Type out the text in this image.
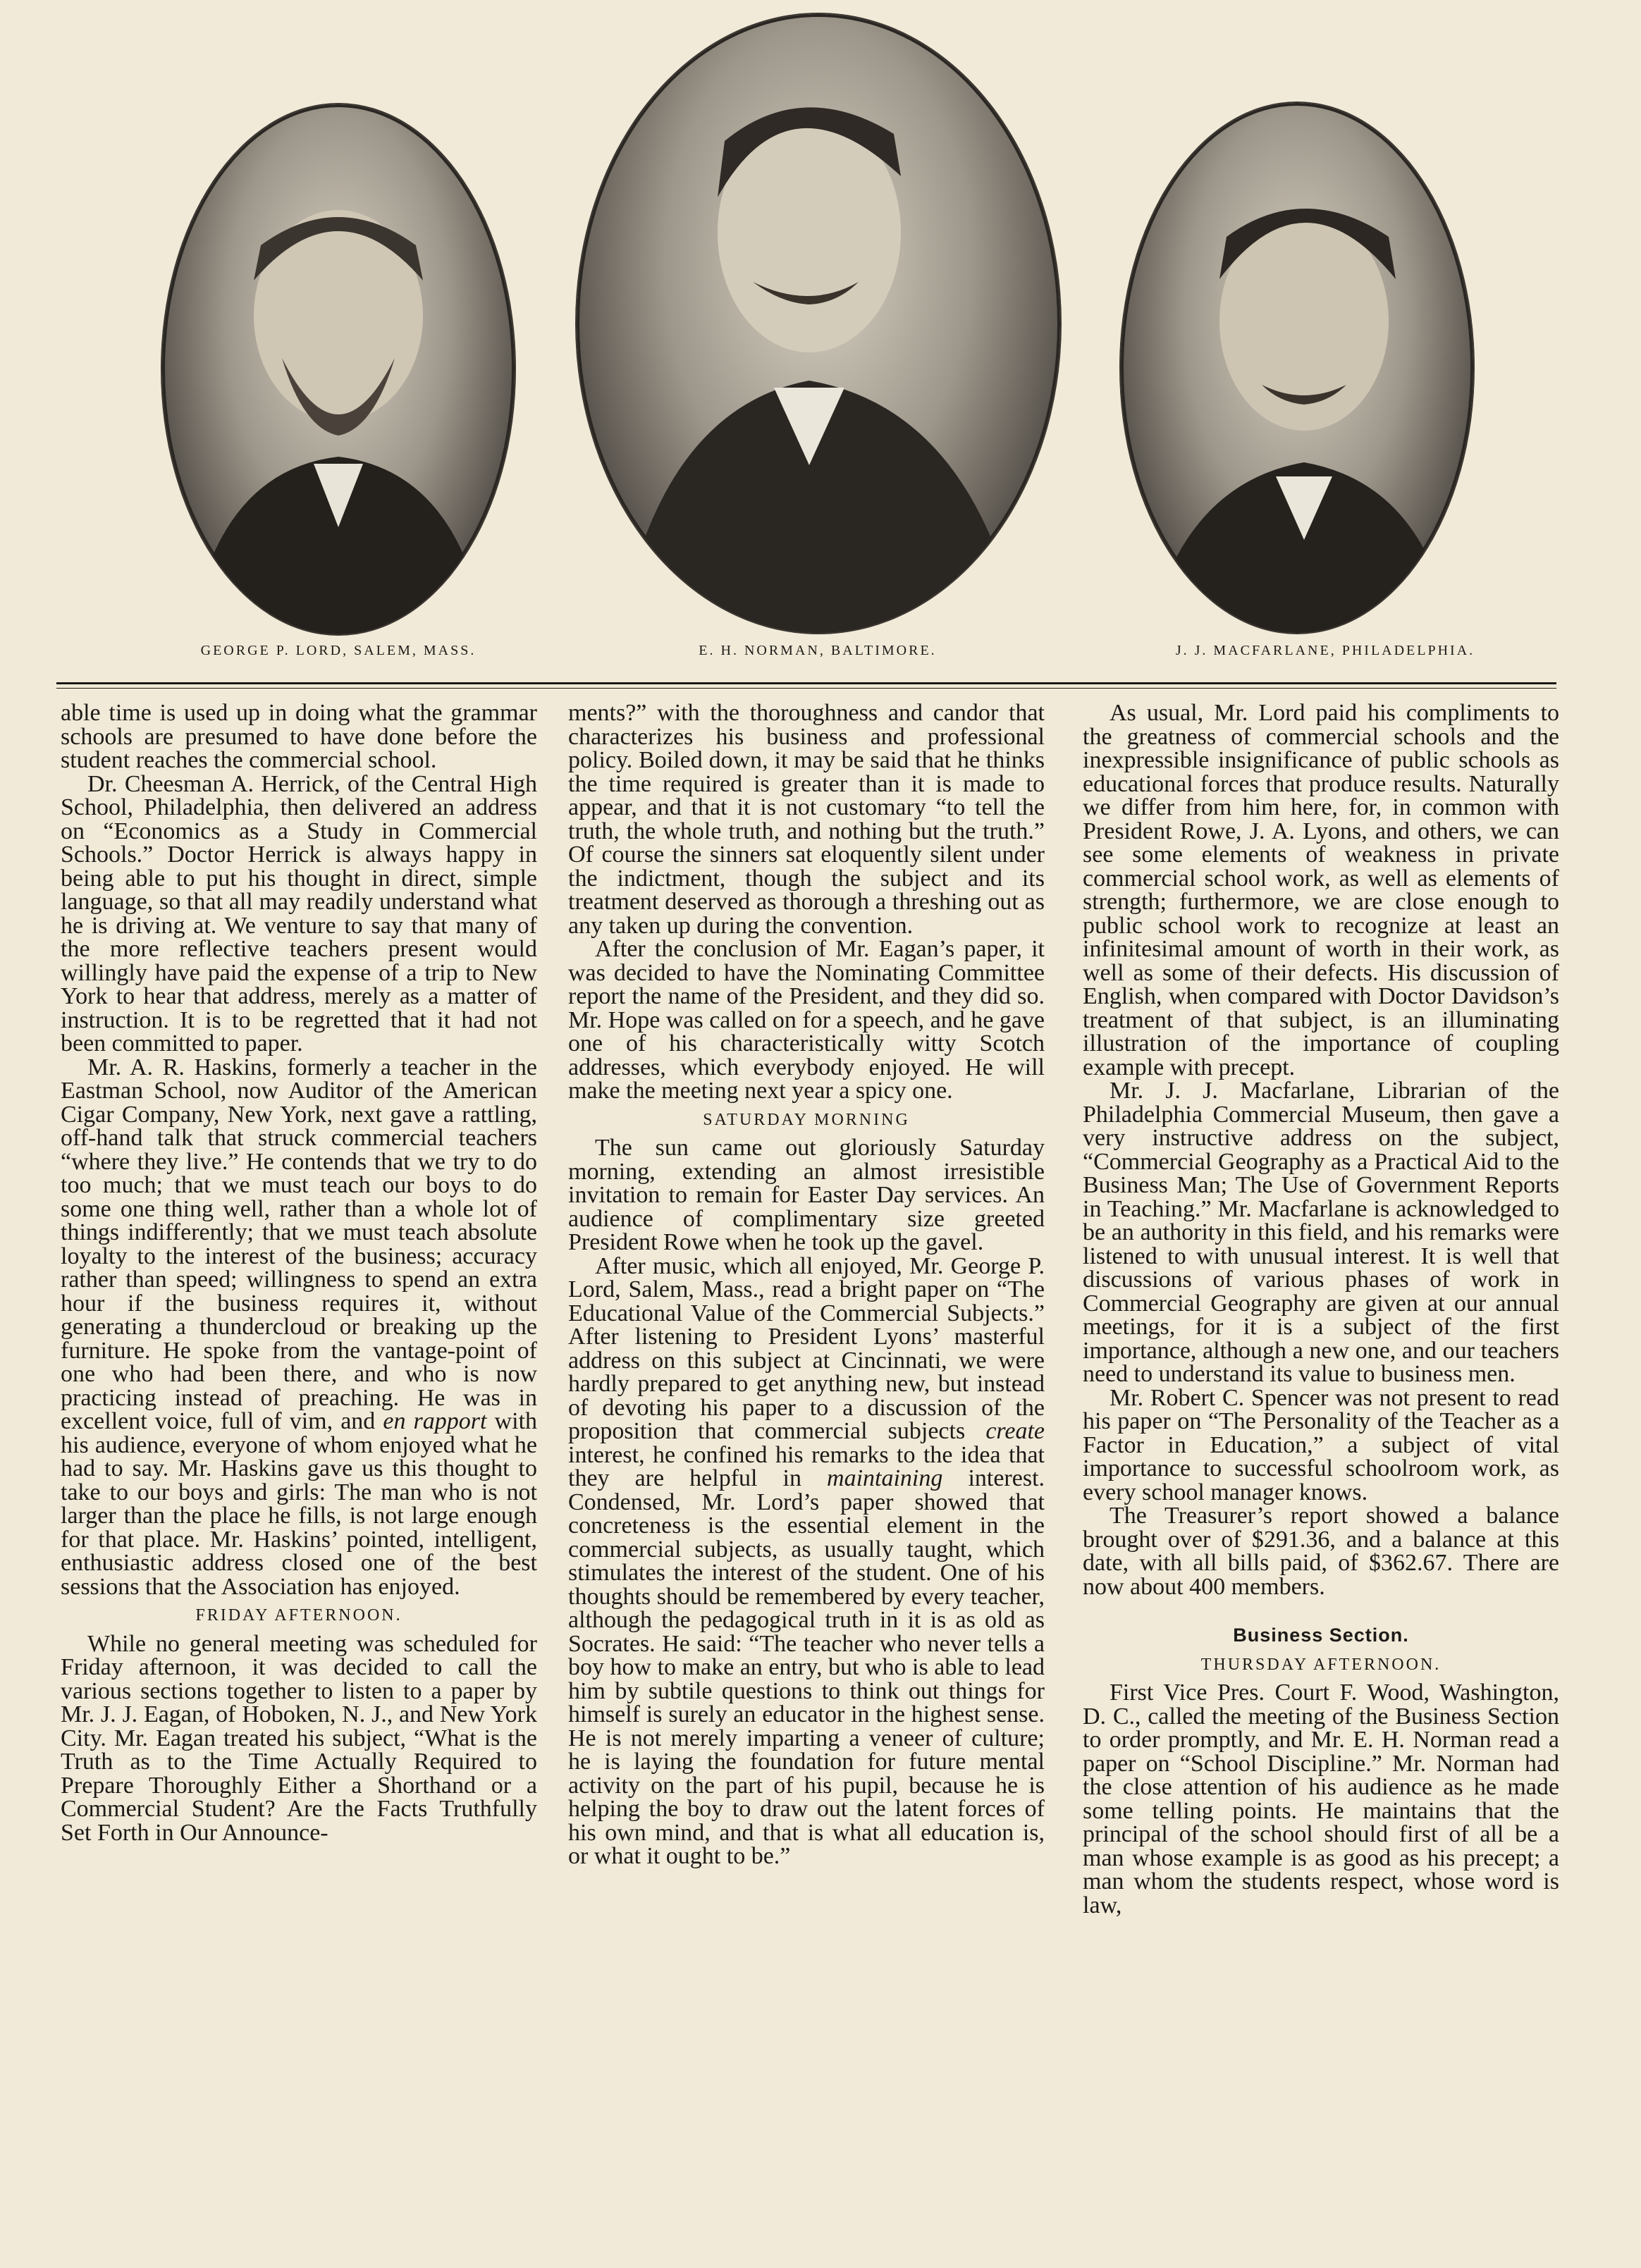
GEORGE P. LORD, SALEM, MASS.	E. H. NORMAN, BALTIMORE.	J. J. MACFARLANE, PHILADELPHIA.

able time is used up in doing what the grammar schools are presumed to have done before the student reaches the commercial school.

Dr. Cheesman A. Herrick, of the Central High School, Philadelphia, then delivered an address on “Economics as a Study in Commercial Schools.” Doctor Herrick is always happy in being able to put his thought in direct, simple language, so that all may readily understand what he is driving at. We venture to say that many of the more reflective teachers present would willingly have paid the expense of a trip to New York to hear that address, merely as a matter of instruction. It is to be regretted that it had not been committed to paper.

Mr. A. R. Haskins, formerly a teacher in the Eastman School, now Auditor of the American Cigar Company, New York, next gave a rattling, off-hand talk that struck commercial teachers “where they live.” He contends that we try to do too much; that we must teach our boys to do some one thing well, rather than a whole lot of things indifferently; that we must teach absolute loyalty to the interest of the business; accuracy rather than speed; willingness to spend an extra hour if the business requires it, without generating a thundercloud or breaking up the furniture. He spoke from the vantage-point of one who had been there, and who is now practicing instead of preaching. He was in excellent voice, full of vim, and en rapport with his audience, everyone of whom enjoyed what he had to say. Mr. Haskins gave us this thought to take to our boys and girls: The man who is not larger than the place he fills, is not large enough for that place. Mr. Haskins’ pointed, intelligent, enthusiastic address closed one of the best sessions that the Association has enjoyed.

FRIDAY AFTERNOON.

While no general meeting was scheduled for Friday afternoon, it was decided to call the various sections together to listen to a paper by Mr. J. J. Eagan, of Hoboken, N. J., and New York City. Mr. Eagan treated his subject, “What is the Truth as to the Time Actually Required to Prepare Thoroughly Either a Shorthand or a Commercial Student? Are the Facts Truthfully Set Forth in Our Announce-

ments?” with the thoroughness and candor that characterizes his business and professional policy. Boiled down, it may be said that he thinks the time required is greater than it is made to appear, and that it is not customary “to tell the truth, the whole truth, and nothing but the truth.” Of course the sinners sat eloquently silent under the indictment, though the subject and its treatment deserved as thorough a threshing out as any taken up during the convention.

After the conclusion of Mr. Eagan’s paper, it was decided to have the Nominating Committee report the name of the President, and they did so. Mr. Hope was called on for a speech, and he gave one of his characteristically witty Scotch addresses, which everybody enjoyed. He will make the meeting next year a spicy one.

SATURDAY MORNING

The sun came out gloriously Saturday morning, extending an almost irresistible invitation to remain for Easter Day services. An audience of complimentary size greeted President Rowe when he took up the gavel.

After music, which all enjoyed, Mr. George P. Lord, Salem, Mass., read a bright paper on “The Educational Value of the Commercial Subjects.” After listening to President Lyons’ masterful address on this subject at Cincinnati, we were hardly prepared to get anything new, but instead of devoting his paper to a discussion of the proposition that commercial subjects create interest, he confined his remarks to the idea that they are helpful in maintaining interest. Condensed, Mr. Lord’s paper showed that concreteness is the essential element in the commercial subjects, as usually taught, which stimulates the interest of the student. One of his thoughts should be remembered by every teacher, although the pedagogical truth in it is as old as Socrates. He said: “The teacher who never tells a boy how to make an entry, but who is able to lead him by subtile questions to think out things for himself is surely an educator in the highest sense. He is not merely imparting a veneer of culture; he is laying the foundation for future mental activity on the part of his pupil, because he is helping the boy to draw out the latent forces of his own mind, and that is what all education is, or what it ought to be.”

As usual, Mr. Lord paid his compliments to the greatness of commercial schools and the inexpressible insignificance of public schools as educational forces that produce results. Naturally we differ from him here, for, in common with President Rowe, J. A. Lyons, and others, we can see some elements of weakness in private commercial school work, as well as elements of strength; furthermore, we are close enough to public school work to recognize at least an infinitesimal amount of worth in their work, as well as some of their defects. His discussion of English, when compared with Doctor Davidson’s treatment of that subject, is an illuminating illustration of the importance of coupling example with precept.

Mr. J. J. Macfarlane, Librarian of the Philadelphia Commercial Museum, then gave a very instructive address on the subject, “Commercial Geography as a Practical Aid to the Business Man; The Use of Government Reports in Teaching.” Mr. Macfarlane is acknowledged to be an authority in this field, and his remarks were listened to with unusual interest. It is well that discussions of various phases of work in Commercial Geography are given at our annual meetings, for it is a subject of the first importance, although a new one, and our teachers need to understand its value to business men.

Mr. Robert C. Spencer was not present to read his paper on “The Personality of the Teacher as a Factor in Education,” a subject of vital importance to successful schoolroom work, as every school manager knows.

The Treasurer’s report showed a balance brought over of $291.36, and a balance at this date, with all bills paid, of $362.67. There are now about 400 members.

Business Section.
THURSDAY AFTERNOON.

First Vice Pres. Court F. Wood, Washington, D. C., called the meeting of the Business Section to order promptly, and Mr. E. H. Norman read a paper on “School Discipline.” Mr. Norman had the close attention of his audience as he made some telling points. He maintains that the principal of the school should first of all be a man whose example is as good as his precept; a man whom the students respect, whose word is law,
